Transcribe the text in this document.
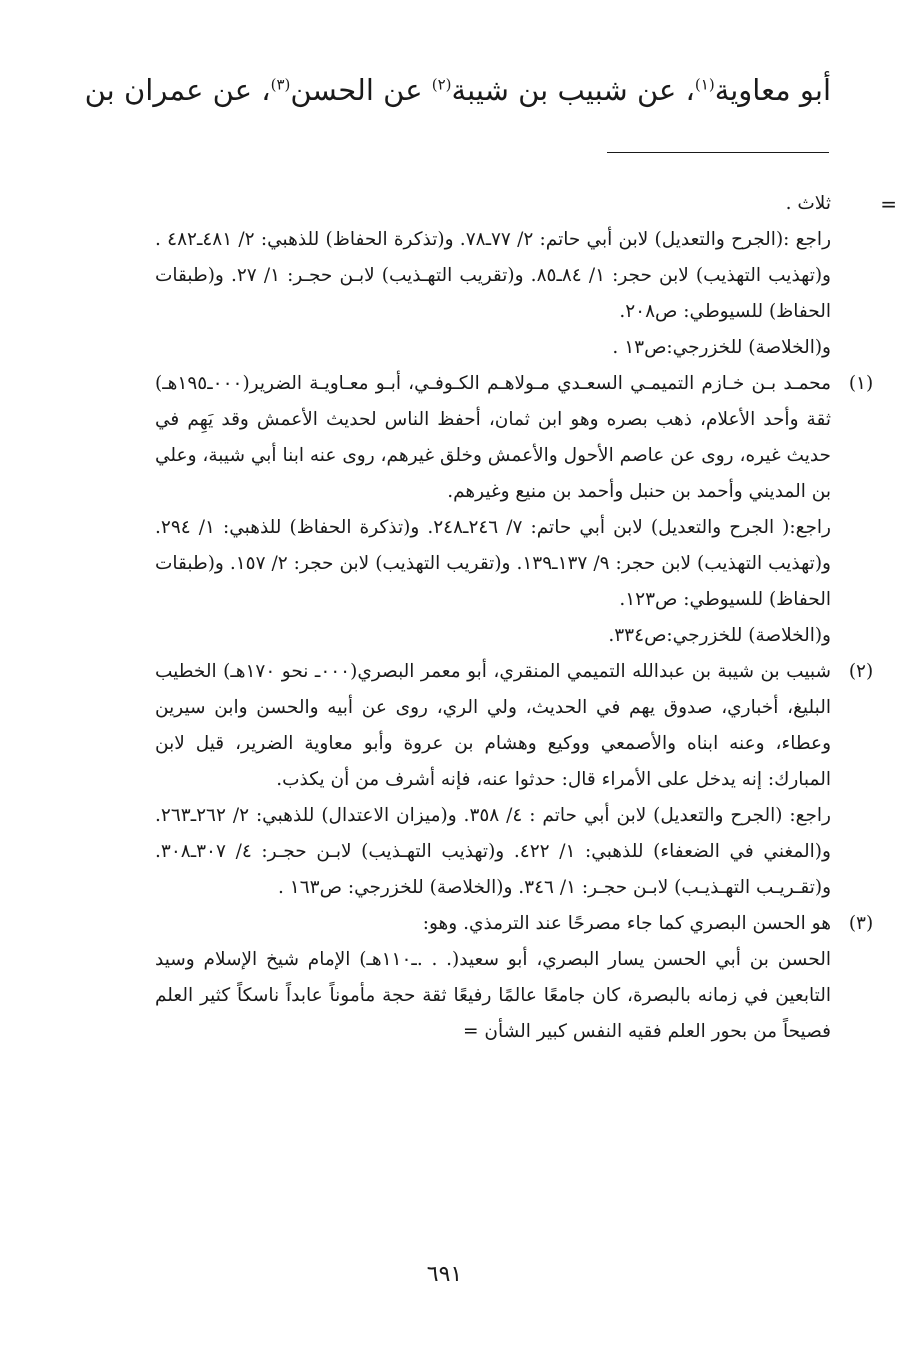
أبو معاوية$^{(١)}$، عن شبيب بن شيبة$^{(٢)}$ عن الحسن$^{(٣)}$، عن عمران بن
=

ثلاث .

راجع :(الجرح والتعديل) لابن أبي حاتم: ٢/ ٧٧ـ٧٨. و(تذكرة الحفاظ) للذهبي: ٢/ ٤٨١ـ٤٨٢ . و(تهذيب التهذيب) لابن حجر: ١/ ٨٤ـ٨٥. و(تقريب التهـذيب) لابـن حجـر: ١/ ٢٧. و(طبقات الحفاظ) للسيوطي: ص٢٠٨.

و(الخلاصة) للخزرجي:ص١٣ .

(١)

محمـد بـن خـازم التميمـي السعـدي مـولاهـم الكـوفـي، أبـو معـاويـة الضرير(٠٠٠ـ١٩٥هـ) ثقة وأحد الأعلام، ذهب بصره وهو ابن ثمان، أحفظ الناس لحديث الأعمش وقد يَهِم في حديث غيره، روى عن عاصم الأحول والأعمش وخلق غيرهم، روى عنه ابنا أبي شيبة، وعلي بن المديني وأحمد بن حنبل وأحمد بن منيع وغيرهم.

راجع:( الجرح والتعديل) لابن أبي حاتم: ٧/ ٢٤٦ـ٢٤٨. و(تذكرة الحفاظ) للذهبي: ١/ ٢٩٤. و(تهذيب التهذيب) لابن حجر: ٩/ ١٣٧ـ١٣٩. و(تقريب التهذيب) لابن حجر: ٢/ ١٥٧. و(طبقات الحفاظ) للسيوطي: ص١٢٣.

و(الخلاصة) للخزرجي:ص٣٣٤.

(٢)

شبيب بن شيبة بن عبدالله التميمي المنقري، أبو معمر البصري(٠٠٠ـ نحو ١٧٠هـ) الخطيب البليغ، أخباري، صدوق يهم في الحديث، ولي الري، روى عن أبيه والحسن وابن سيرين وعطاء، وعنه ابناه والأصمعي ووكيع وهشام بن عروة وأبو معاوية الضرير، قيل لابن المبارك: إنه يدخل على الأمراء قال: حدثوا عنه، فإنه أشرف من أن يكذب.

راجع: (الجرح والتعديل) لابن أبي حاتم : ٤/ ٣٥٨. و(ميزان الاعتدال) للذهبي: ٢/ ٢٦٢ـ٢٦٣. و(المغني في الضعفاء) للذهبي: ١/ ٤٢٢. و(تهذيب التهـذيب) لابـن حجـر: ٤/ ٣٠٧ـ٣٠٨. و(تقـريـب التهـذيـب) لابـن حجـر: ١/ ٣٤٦. و(الخلاصة) للخزرجي: ص١٦٣ .

(٣)

هو الحسن البصري كما جاء مصرحًا عند الترمذي. وهو:

الحسن بن أبي الحسن يسار البصري، أبو سعيد(. . .ـ١١٠هـ) الإمام شيخ الإسلام وسيد التابعين في زمانه بالبصرة، كان جامعًا عالمًا رفيعًا ثقة حجة مأموناً عابداً ناسكاً كثير العلم فصيحاً من بحور العلم فقيه النفس كبير الشأن =

٦٩١
